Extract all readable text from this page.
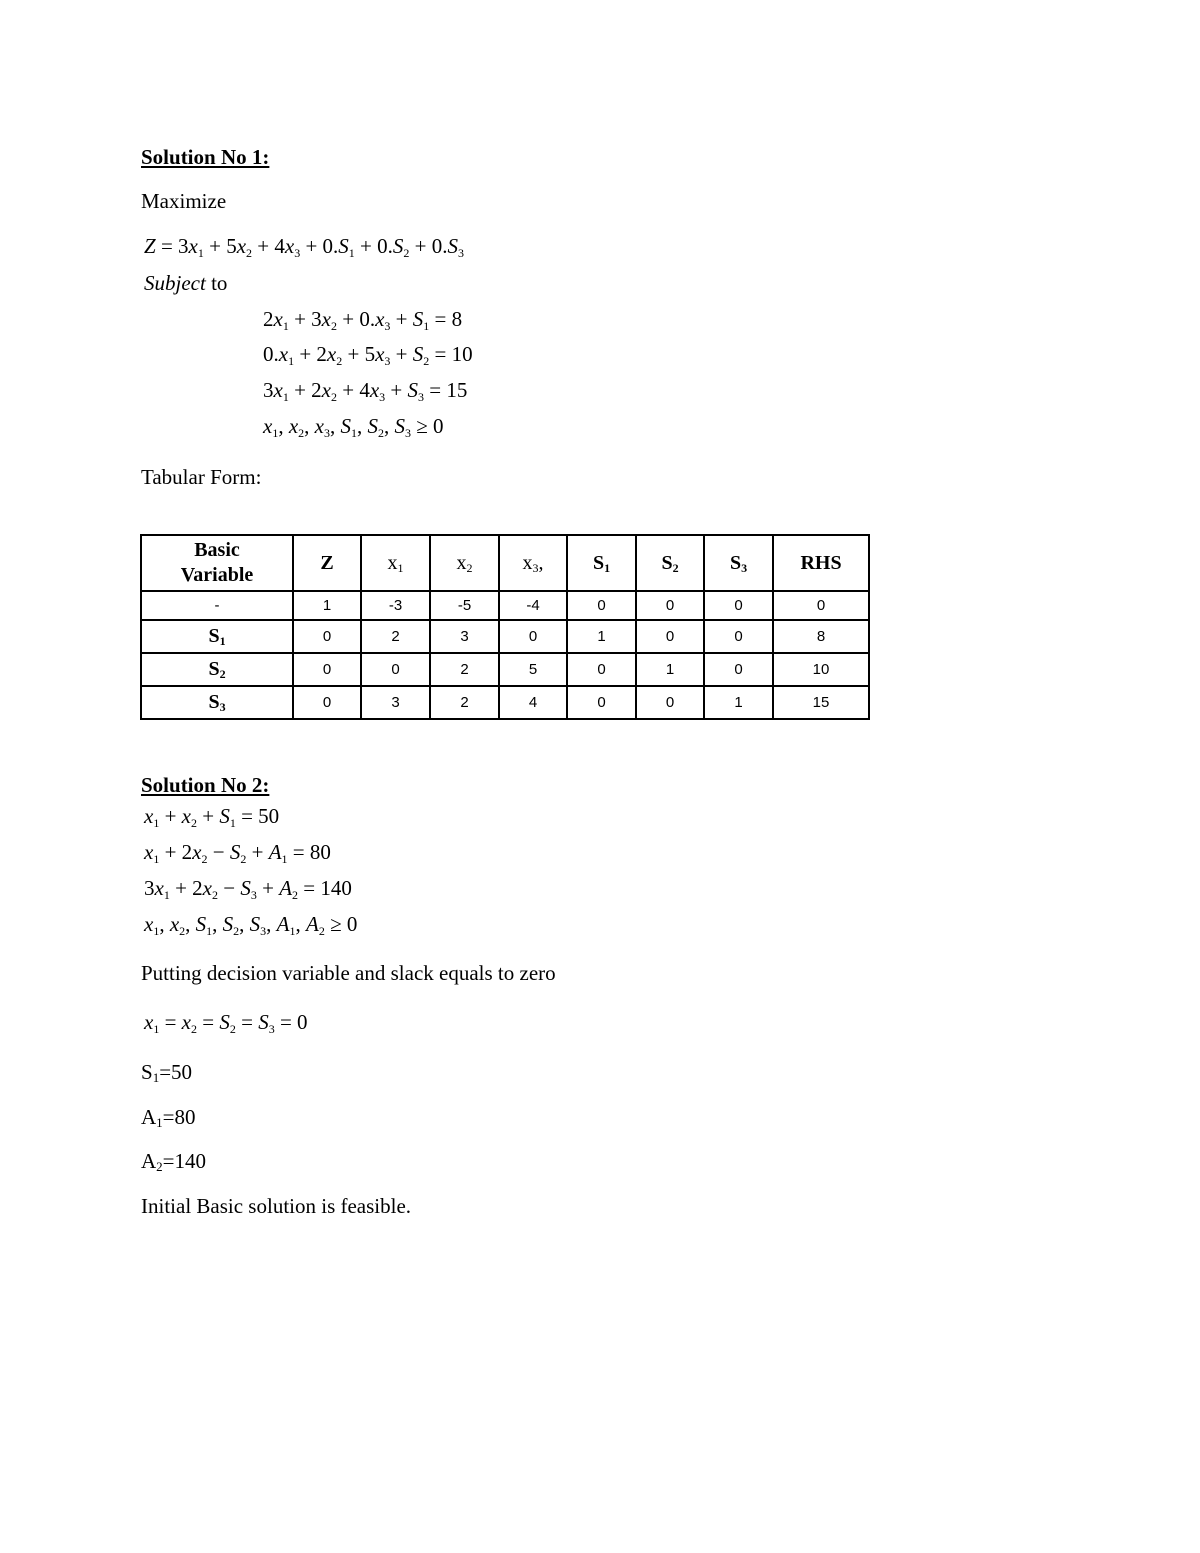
Solution No 1:
Maximize
$Z = 3x_1 + 5x_2 + 4x_3 + 0.S_1 + 0.S_2 + 0.S_3$
Subject to
$2x_1 + 3x_2 + 0.x_3 + S_1 = 8$
$0.x_1 + 2x_2 + 5x_3 + S_2 = 10$
$3x_1 + 2x_2 + 4x_3 + S_3 = 15$
$x_1$, $x_2$, $x_3$, $S_1$, $S_2$, $S_3 \ge 0$
Tabular Form:
Basic
Variable	Z	$x_1$	$x_2$	$x_3$,	$S_1$	$S_2$	$S_3$	RHS
-	1	-3	-5	-4	0	0	0	0
$S_1$	0	2	3	0	1	0	0	8
$S_2$	0	0	2	5	0	1	0	10
$S_3$	0	3	2	4	0	0	1	15
Solution No 2:
$x_1 + x_2 + S_1 = 50$
$x_1 + 2x_2 - S_2 + A_1 = 80$
$3x_1 + 2x_2 - S_3 + A_2 = 140$
$x_1$, $x_2$, $S_1$, $S_2$, $S_3$, $A_1$, $A_2 \ge 0$
Putting decision variable and slack equals to zero
$x_1 = x_2 = S_2 = S_3 = 0$
$S_1=50$
$A_1=80$
$A_2=140$
Initial Basic solution is feasible.
